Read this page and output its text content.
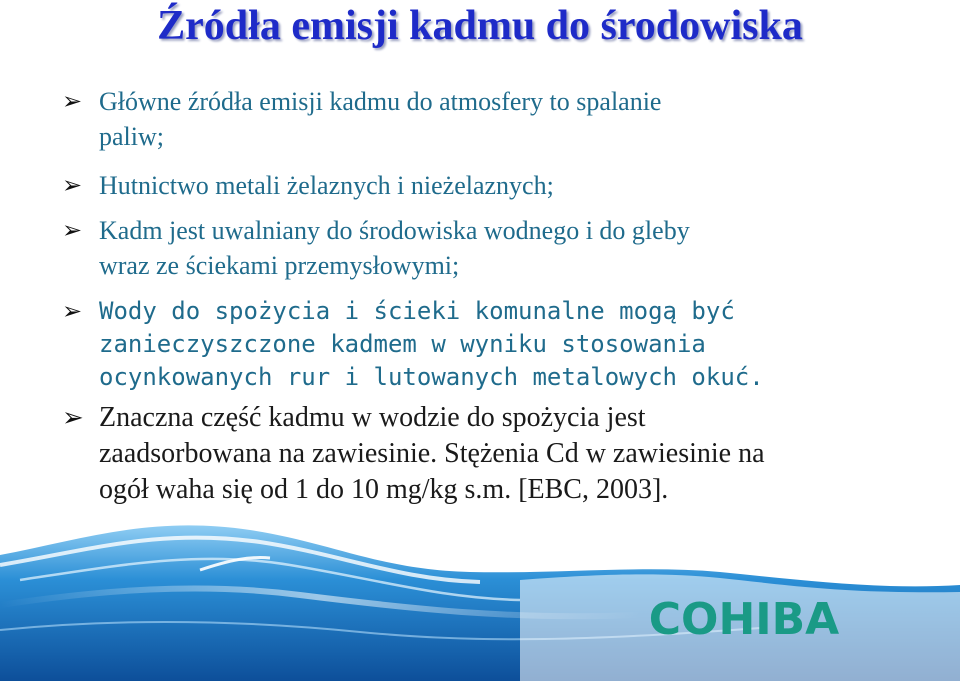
Źródła emisji kadmu do środowiska
➢ Główne źródła emisji kadmu do atmosfery to spalanie
paliw;
➢ Hutnictwo metali żelaznych i nieżelaznych;
➢ Kadm jest uwalniany do środowiska wodnego i do gleby
wraz ze ściekami przemysłowymi;
➢ Wody do spożycia i ścieki komunalne mogą być
zanieczyszczone kadmem w wyniku stosowania
ocynkowanych rur i lutowanych metalowych okuć.
➢ Znaczna część kadmu w wodzie do spożycia jest
zaadsorbowana na zawiesinie. Stężenia Cd w zawiesinie na
ogół waha się od 1 do 10 mg/kg s.m. [EBC, 2003].
COHIBA
